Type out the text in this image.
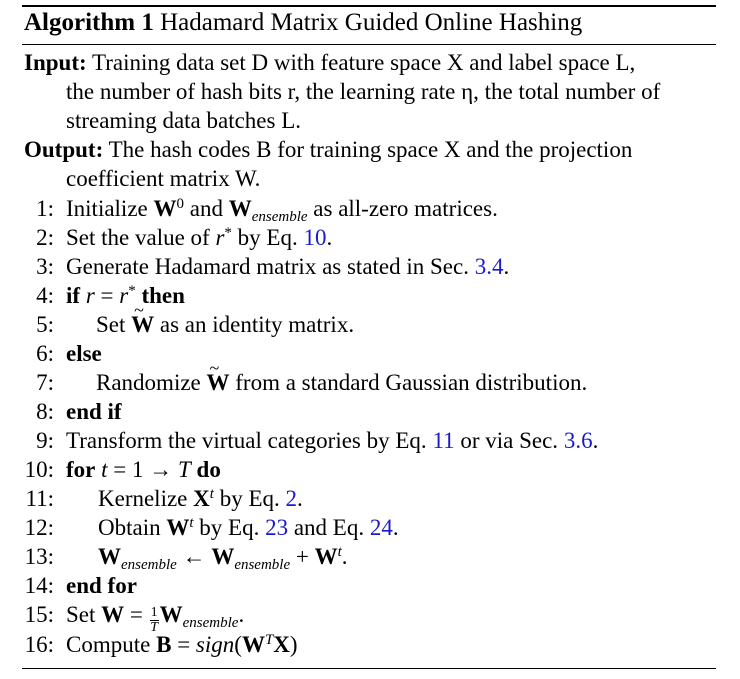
Algorithm 1 Hadamard Matrix Guided Online Hashing
Input: Training data set D with feature space X and label space L,
the number of hash bits r, the learning rate η, the total number of
streaming data batches L.
Output: The hash codes B for training space X and the projection
coefficient matrix W.
1: Initialize $W^0$ and $W_{ensemble}$ as all-zero matrices.
2: Set the value of r* by Eq. 10.
3: Generate Hadamard matrix as stated in Sec. 3.4.
4: if r = r* then
5: Set ~ W as an identity matrix.
6: else
7: Randomize ~ W from a standard Gaussian distribution.
8: end if
9: Transform the virtual categories by Eq. 11 or via Sec. 3.6.
10: for t = 1 → T do
11: Kernelize $X^t$ by Eq. 2.
12: Obtain $W^t$ by Eq. 23 and Eq. 24.
13: $W_{ensemble}$ ← $W_{ensemble} + W^t$.
14: end for
15: Set $W = \frac{1}{T} W_{ensemble}$.
16: Compute $B = sign(W^TX)$
